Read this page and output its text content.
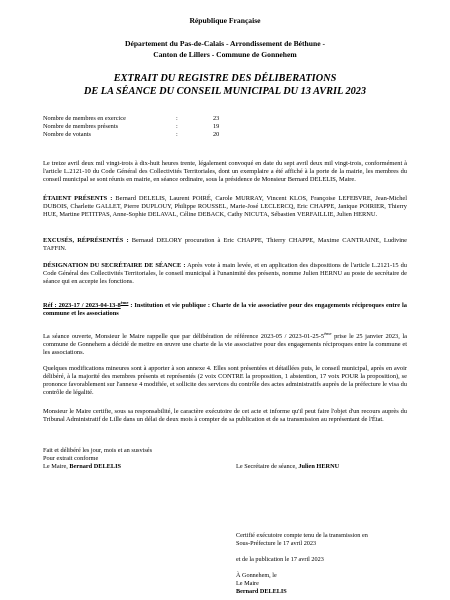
République Française
Département du Pas-de-Calais - Arrondissement de Béthune -
Canton de Lillers - Commune de Gonnehem
EXTRAIT DU REGISTRE DES DÉLIBERATIONS
DE LA SÉANCE DU CONSEIL MUNICIPAL DU 13 AVRIL 2023
Nombre de membres en exercice	:	23
Nombre de membres présents	:	19
Nombre de votants	:	20

Le treize avril deux mil vingt-trois à dix-huit heures trente, légalement convoqué en date du sept avril deux mil vingt-trois, conformément à l'article L.2121-10 du Code Général des Collectivités Territoriales, dont un exemplaire a été affiché à la porte de la mairie, les membres du conseil municipal se sont réunis en mairie, en séance ordinaire, sous la présidence de Monsieur Bernard DELELIS, Maire.

ÉTAIENT PRÉSENTS : Bernard DELELIS, Laurent POIRÉ, Carole MURRAY, Vincent KLOS, Françoise LEFEBVRE, Jean-Michel DUBOIS, Charlette GALLET, Pierre DUPLOUY, Philippe ROUSSEL, Marie-José LECLERCQ, Eric CHAPPE, Janique POIRIER, Thierry HUE, Martine PETITPAS, Anne-Sophie DELAVAL, Céline DEBACK, Cathy NICUTA, Sébastien VERFAILLIE, Julien HERNU.

EXCUSÉS, RÉPRÉSENTÉS : Bernaud DELORY procuration à Eric CHAPPE, Thierry CHAPPE, Maxime CANTRAINE, Ludivine TAFFIN.

DÉSIGNATION DU SECRÉTAIRE DE SÉANCE : Après vote à main levée, et en application des dispositions de l'article L.2121-15 du Code Général des Collectivités Territoriales, le conseil municipal à l'unanimité des présents, nomme Julien HERNU au poste de secrétaire de séance qui en accepte les fonctions.

Réf : 2023-17 / 2023-04-13-8ème : Institution et vie publique : Charte de la vie associative pour des engagements réciproques entre la commune et les associations

La séance ouverte, Monsieur le Maire rappelle que par délibération de référence 2023-05 / 2023-01-25-5ème prise le 25 janvier 2023, la commune de Gonnehem a décidé de mettre en œuvre une charte de la vie associative pour des engagements réciproques entre la commune et les associations.

Quelques modifications mineures sont à apporter à son annexe 4. Elles sont présentées et détaillées puis, le conseil municipal, après en avoir délibéré, à la majorité des membres présents et représentés (2 voix CONTRE la proposition, 1 abstention, 17 voix POUR la proposition), se prononce favorablement sur l'annexe 4 modifiée, et sollicite des services du contrôle des actes administratifs auprès de la préfecture le visa du contrôle de légalité.

Monsieur le Maire certifie, sous sa responsabilité, le caractère exécutoire de cet acte et informe qu'il peut faire l'objet d'un recours auprès du Tribunal Administratif de Lille dans un délai de deux mois à compter de sa publication et de sa transmission au représentant de l'État.

Fait et délibéré les jour, mois et an susvisés
Pour extrait conforme
Le Maire, Bernard DELELIS	Le Secrétaire de séance, Julien HERNU
Certifié exécutoire compte tenu de la transmission en
Sous-Préfecture le 17 avril 2023
et de la publication le 17 avril 2023
À Gonnehem, le
Le Maire
Bernard DELELIS
